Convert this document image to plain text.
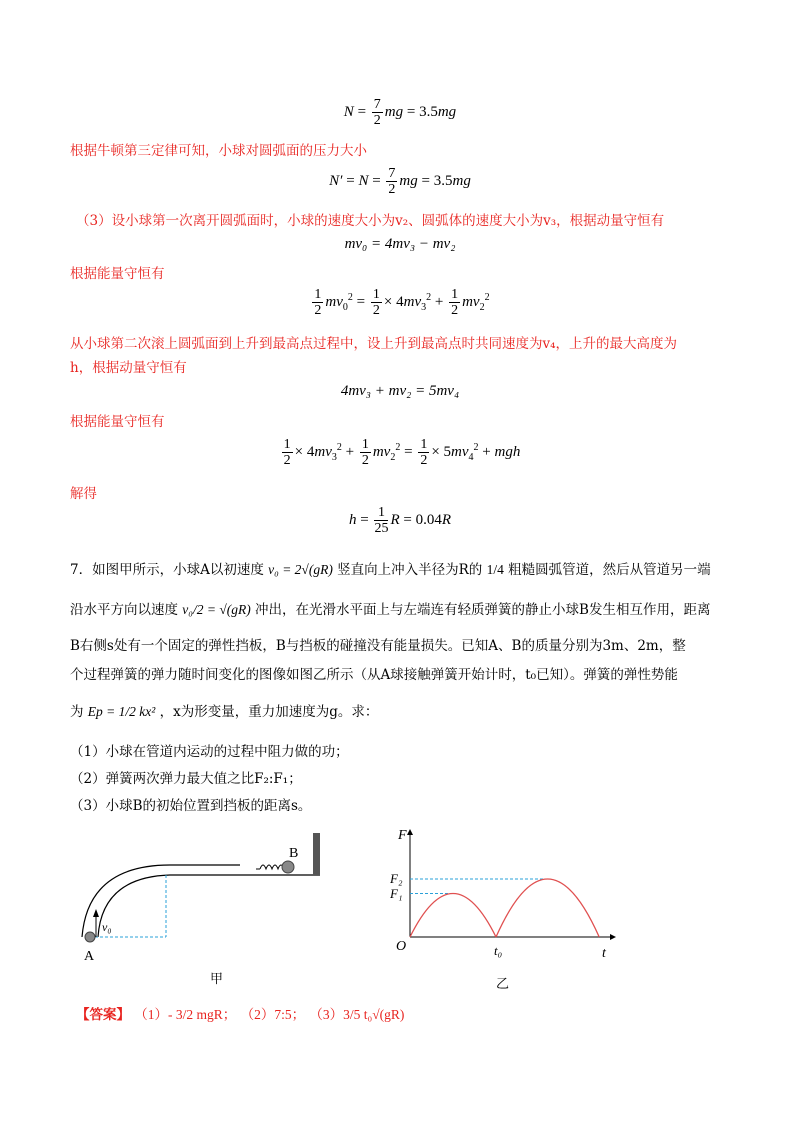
$N = \frac{7}{2}$ mg = 3.5mg
根据牛顿第三定律可知，小球对圆弧面的压力大小
$N' = N = \frac{7}{2}$ mg = 3.5mg
（3）设小球第一次离开圆弧面时，小球的速度大小为v₂、圆弧体的速度大小为v₃，根据动量守恒有
mv₀ = 4mv₃ − mv₂
根据能量守恒有
$\frac{1}{2} mv_0^2 = \frac{1}{2} \times 4mv_3^2 + \frac{1}{2} mv_2^2$
从小球第二次滚上圆弧面到上升到最高点过程中，设上升到最高点时共同速度为v₄，上升的最大高度为
h，根据动量守恒有
4mv₃ + mv₂ = 5mv₄
根据能量守恒有
$\frac{1}{2} \times 4mv_3^2 + \frac{1}{2} mv_2^2 = \frac{1}{2} \times 5mv_4^2$ + mgh
解得
$h = \frac{1}{25}$ R = 0.04R
7．如图甲所示，小球A以初速度 v₀ = 2√(gR) 竖直向上冲入半径为R的 1/4 粗糙圆弧管道，然后从管道另一端
沿水平方向以速度 v₀/2 = √(gR) 冲出，在光滑水平面上与左端连有轻质弹簧的静止小球B发生相互作用，距离
B右侧s处有一个固定的弹性挡板，B与挡板的碰撞没有能量损失。已知A、B的质量分别为3m、2m，整
个过程弹簧的弹力随时间变化的图像如图乙所示（从A球接触弹簧开始计时，t₀已知）。弹簧的弹性势能
为 Ep = 1/2 kx² ，x为形变量，重力加速度为g。求：
（1）小球在管道内运动的过程中阻力做的功；
（2）弹簧两次弹力最大值之比F₂:F₁；
（3）小球B的初始位置到挡板的距离s。
v₀
A
B
甲
F
t
O
F₂
F₁
t₀
乙
【答案】 （1）- 3/2 mgR； （2）7:5； （3）3/5 t₀√(gR)
